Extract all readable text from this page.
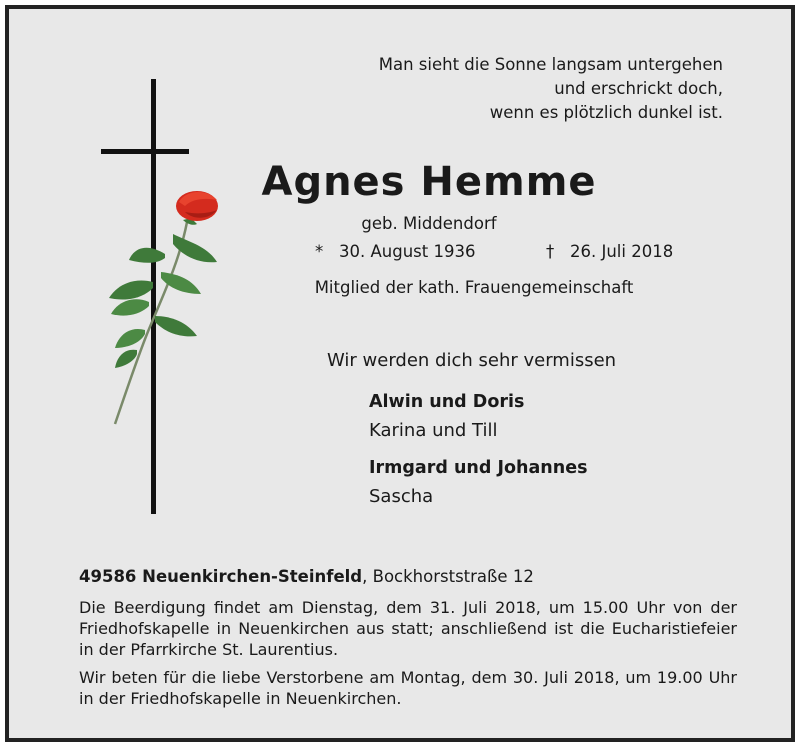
Man sieht die Sonne langsam untergehen
und erschrickt doch,
wenn es plötzlich dunkel ist.
Agnes Hemme
geb. Middendorf
* 30. August 1936	† 26. Juli 2018
Mitglied der kath. Frauengemeinschaft
Wir werden dich sehr vermissen
Alwin und Doris
Karina und Till
Irmgard und Johannes
Sascha
49586 Neuenkirchen-Steinfeld, Bockhorststraße 12
Die Beerdigung findet am Dienstag, dem 31. Juli 2018, um 15.00 Uhr von der Friedhofskapelle in Neuenkirchen aus statt; anschließend ist die Eucharistiefeier in der Pfarrkirche St. Laurentius.
Wir beten für die liebe Verstorbene am Montag, dem 30. Juli 2018, um 19.00 Uhr in der Friedhofskapelle in Neuenkirchen.
